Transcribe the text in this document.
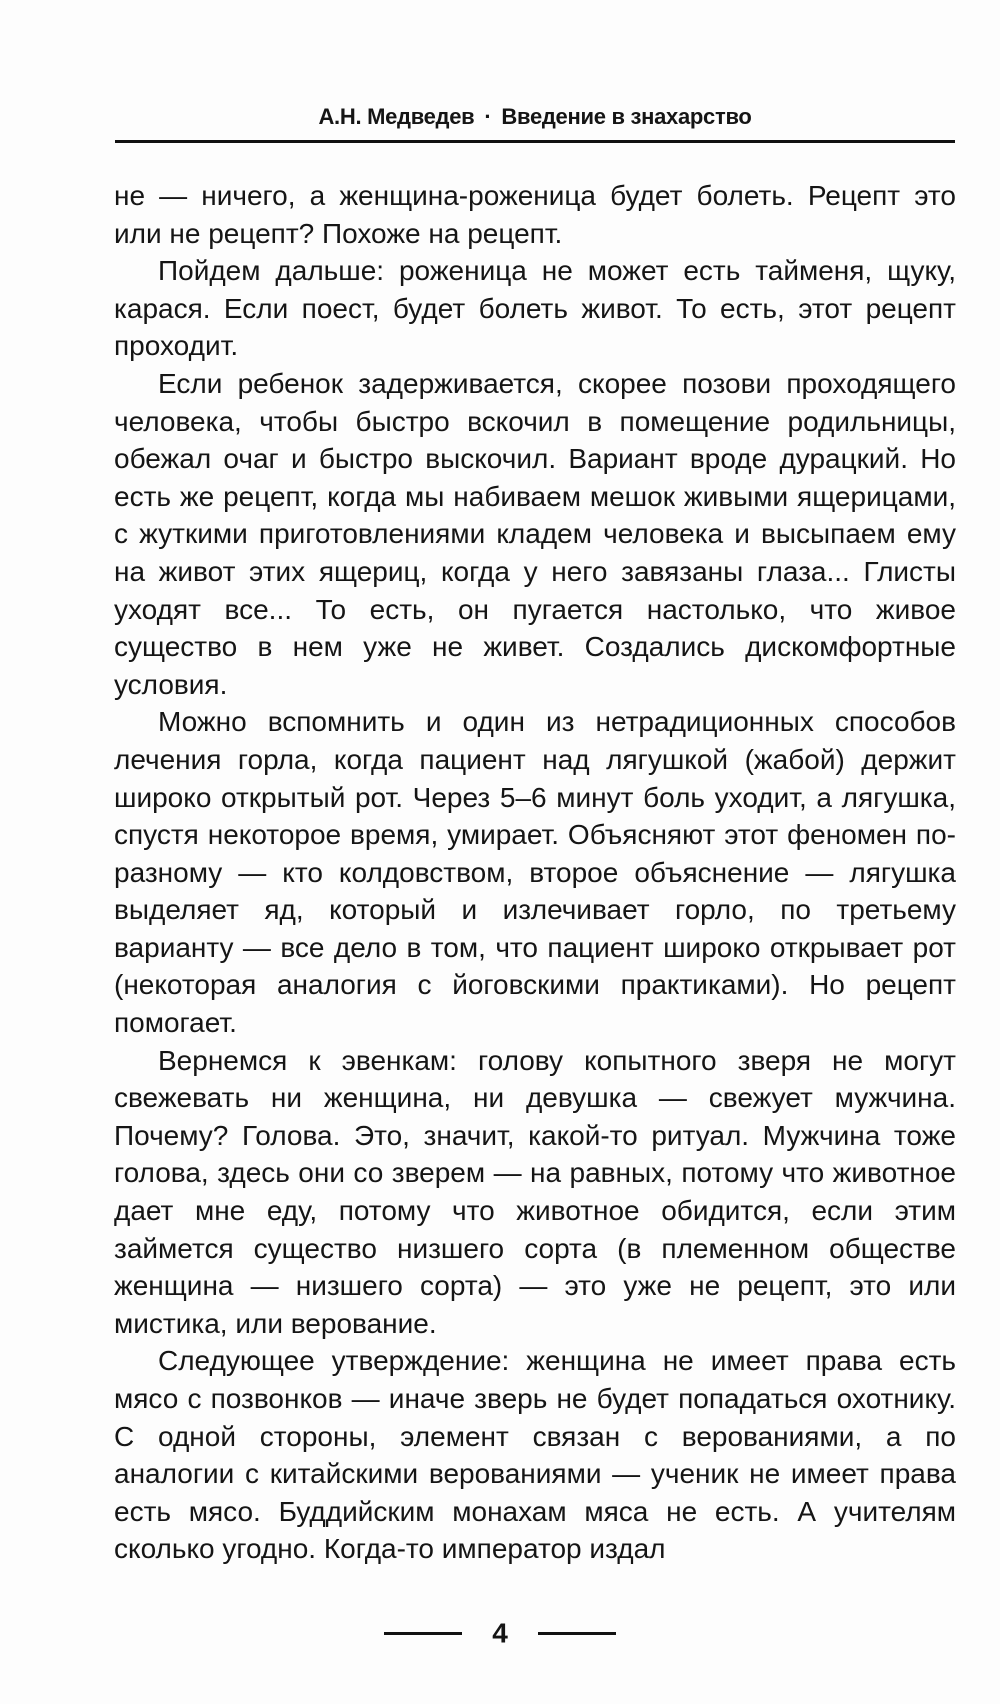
А.Н. Медведев · Введение в знахарство

не — ничего, а женщина-роженица будет болеть. Рецепт это или не рецепт? Похоже на рецепт.

Пойдем дальше: роженица не может есть тайменя, щуку, карася. Если поест, будет болеть живот. То есть, этот рецепт проходит.

Если ребенок задерживается, скорее позови проходящего человека, чтобы быстро вскочил в помещение родильницы, обежал очаг и быстро выскочил. Вариант вроде дурацкий. Но есть же рецепт, когда мы набиваем мешок живыми ящерицами, с жуткими приготовлениями кладем человека и высыпаем ему на живот этих ящериц, когда у него завязаны глаза... Глисты уходят все... То есть, он пугается настолько, что живое существо в нем уже не живет. Создались дискомфортные условия.

Можно вспомнить и один из нетрадиционных способов лечения горла, когда пациент над лягушкой (жабой) держит широко открытый рот. Через 5–6 минут боль уходит, а лягушка, спустя некоторое время, умирает. Объясняют этот феномен по-разному — кто колдовством, второе объяснение — лягушка выделяет яд, который и излечивает горло, по третьему варианту — все дело в том, что пациент широко открывает рот (некоторая аналогия с йоговскими практиками). Но рецепт помогает.

Вернемся к эвенкам: голову копытного зверя не могут свежевать ни женщина, ни девушка — свежует мужчина. Почему? Голова. Это, значит, какой-то ритуал. Мужчина тоже голова, здесь они со зверем — на равных, потому что животное дает мне еду, потому что животное обидится, если этим займется существо низшего сорта (в племенном обществе женщина — низшего сорта) — это уже не рецепт, это или мистика, или верование.

Следующее утверждение: женщина не имеет права есть мясо с позвонков — иначе зверь не будет попадаться охотнику. С одной стороны, элемент связан с верованиями, а по аналогии с китайскими верованиями — ученик не имеет права есть мясо. Буддийским монахам мяса не есть. А учителям сколько угодно. Когда-то император издал

4
